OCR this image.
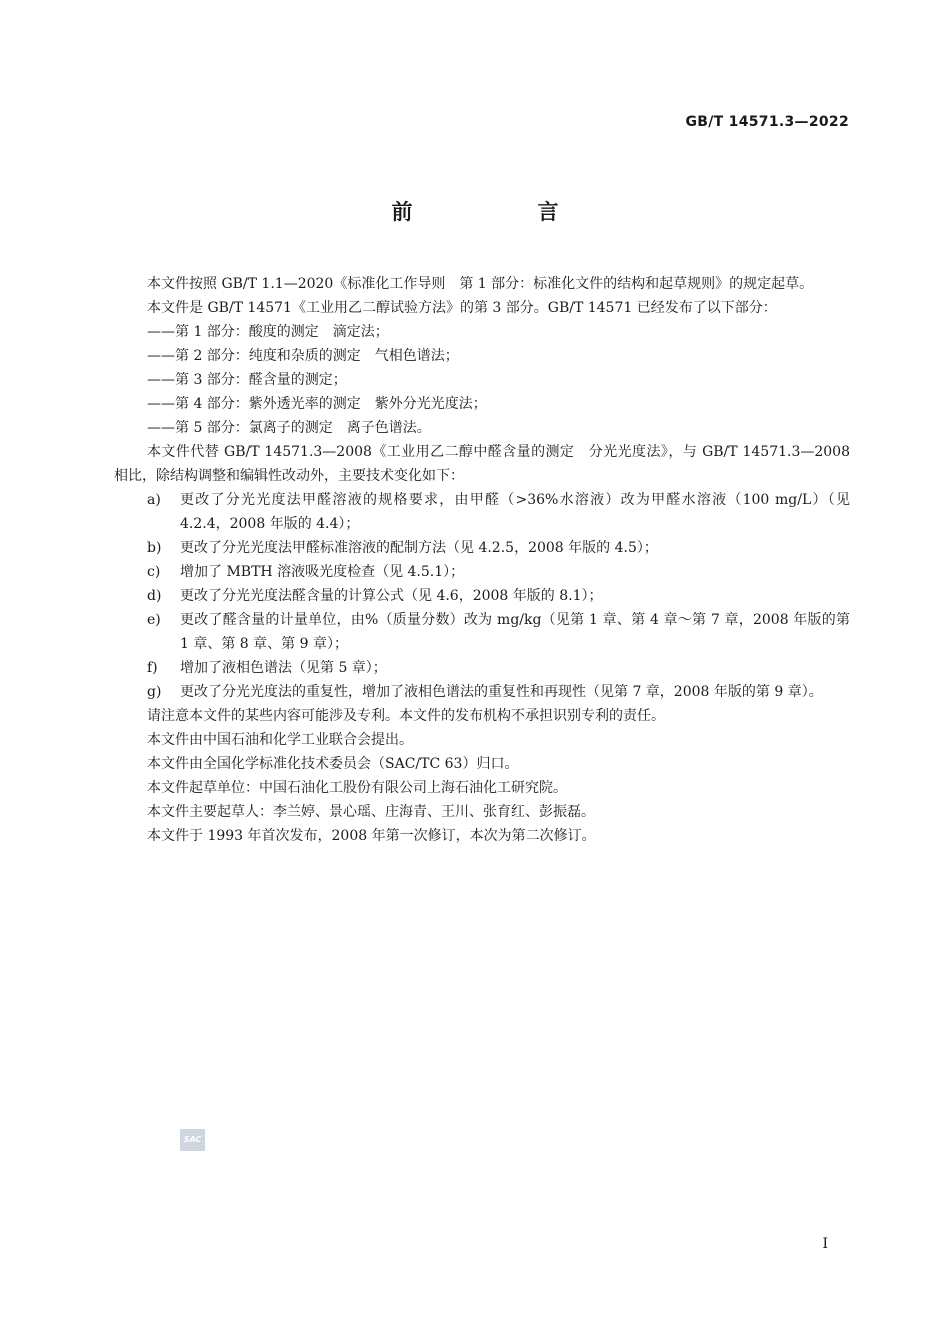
GB/T 14571.3—2022
前　言

本文件按照 GB/T 1.1—2020《标准化工作导则　第 1 部分：标准化文件的结构和起草规则》的规定起草。

本文件是 GB/T 14571《工业用乙二醇试验方法》的第 3 部分。GB/T 14571 已经发布了以下部分：

——第 1 部分：酸度的测定　滴定法；

——第 2 部分：纯度和杂质的测定　气相色谱法；

——第 3 部分：醛含量的测定；

——第 4 部分：紫外透光率的测定　紫外分光光度法；

——第 5 部分：氯离子的测定　离子色谱法。

本文件代替 GB/T 14571.3—2008《工业用乙二醇中醛含量的测定　分光光度法》，与 GB/T 14571.3—2008 相比，除结构调整和编辑性改动外，主要技术变化如下：

a)	更改了分光光度法甲醛溶液的规格要求，由甲醛（>36%水溶液）改为甲醛水溶液（100 mg/L）（见 4.2.4，2008 年版的 4.4）；
b)	更改了分光光度法甲醛标准溶液的配制方法（见 4.2.5，2008 年版的 4.5）；
c)	增加了 MBTH 溶液吸光度检查（见 4.5.1）；
d)	更改了分光光度法醛含量的计算公式（见 4.6，2008 年版的 8.1）；
e)	更改了醛含量的计量单位，由%（质量分数）改为 mg/kg（见第 1 章、第 4 章～第 7 章，2008 年版的第 1 章、第 8 章、第 9 章）；
f)	增加了液相色谱法（见第 5 章）；
g)	更改了分光光度法的重复性，增加了液相色谱法的重复性和再现性（见第 7 章，2008 年版的第 9 章）。

请注意本文件的某些内容可能涉及专利。本文件的发布机构不承担识别专利的责任。

本文件由中国石油和化学工业联合会提出。

本文件由全国化学标准化技术委员会（SAC/TC 63）归口。

本文件起草单位：中国石油化工股份有限公司上海石油化工研究院。

本文件主要起草人：李兰婷、景心瑶、庄海青、王川、张育红、彭振磊。

本文件于 1993 年首次发布，2008 年第一次修订，本次为第二次修订。

SAC
I
